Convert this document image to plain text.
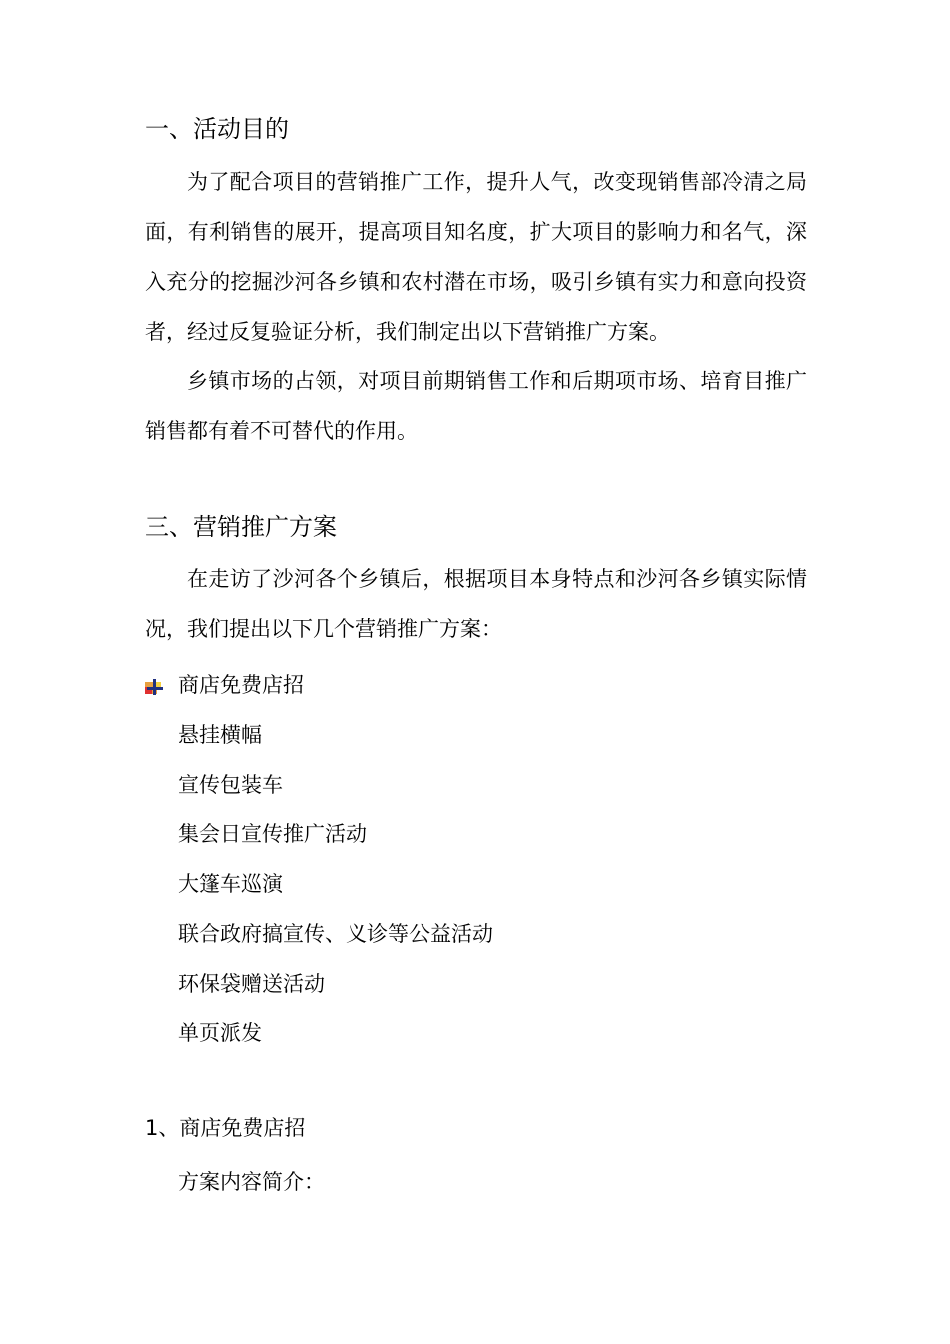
一、活动目的

为了配合项目的营销推广工作，提升人气，改变现销售部冷清之局面，有利销售的展开，提高项目知名度，扩大项目的影响力和名气，深入充分的挖掘沙河各乡镇和农村潜在市场，吸引乡镇有实力和意向投资者，经过反复验证分析，我们制定出以下营销推广方案。

乡镇市场的占领，对项目前期销售工作和后期项市场、培育目推广销售都有着不可替代的作用。

三、营销推广方案

在走访了沙河各个乡镇后，根据项目本身特点和沙河各乡镇实际情况，我们提出以下几个营销推广方案：

商店免费店招
悬挂横幅
宣传包装车
集会日宣传推广活动
大篷车巡演
联合政府搞宣传、义诊等公益活动
环保袋赠送活动
单页派发
1、商店免费店招
方案内容简介：
